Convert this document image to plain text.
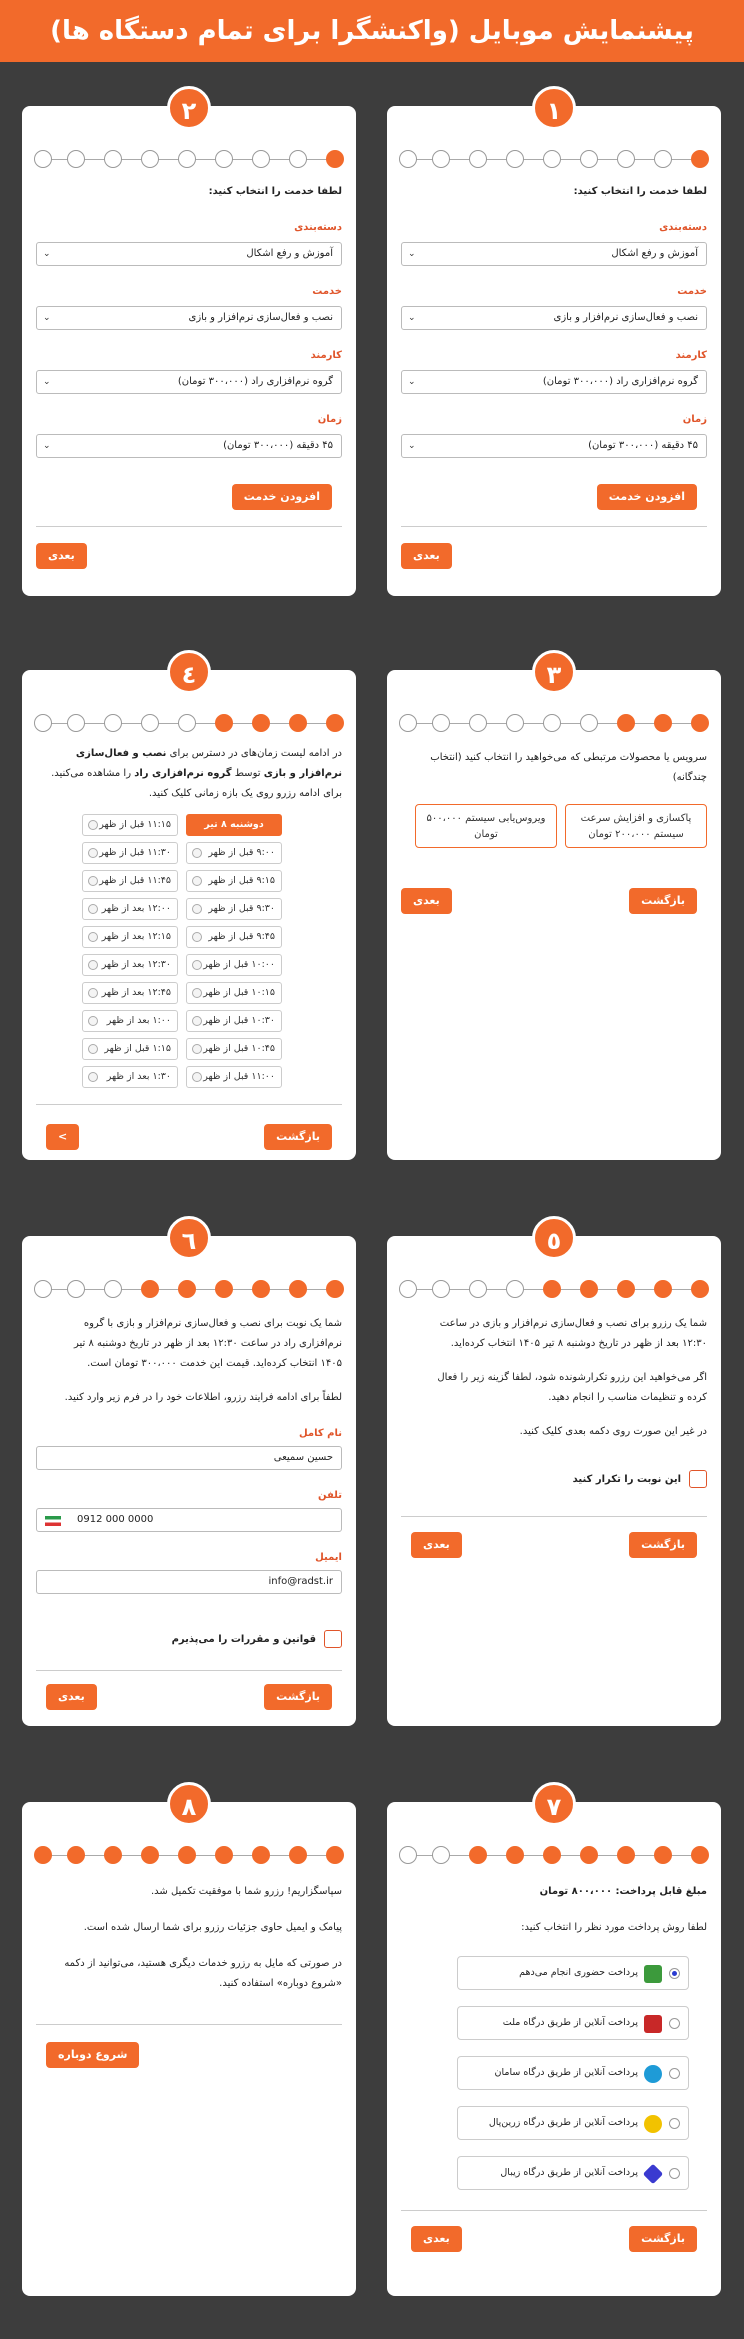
پیشنمایش موبایل (واکنشگرا برای تمام دستگاه ها)
١
لطفا خدمت را انتخاب کنید:
دسته‌بندی
آموزش و رفع اشکال
⌄
خدمت
نصب و فعال‌سازی نرم‌افزار و بازی
⌄
کارمند
گروه نرم‌افزاری راد (۳۰۰،۰۰۰ تومان)
⌄
زمان
۴۵ دقیقه (۳۰۰،۰۰۰ تومان)
⌄
افزودن خدمت
بعدی
٢
لطفا خدمت را انتخاب کنید:
دسته‌بندی
آموزش و رفع اشکال
⌄
خدمت
نصب و فعال‌سازی نرم‌افزار و بازی
⌄
کارمند
گروه نرم‌افزاری راد (۳۰۰،۰۰۰ تومان)
⌄
زمان
۴۵ دقیقه (۳۰۰،۰۰۰ تومان)
⌄
افزودن خدمت
بعدی
٣
سرویس یا محصولات مرتبطی که می‌خواهید را انتخاب کنید (انتخاب چندگانه)
پاکسازی و افزایش سرعت سیستم ۲۰۰،۰۰۰ تومان
ویروس‌یابی سیستم ۵۰۰،۰۰۰ تومان
بازگشت
بعدی
٤
در ادامه لیست زمان‌های در دسترس برای نصب و فعال‌سازی نرم‌افزار و بازی توسط گروه نرم‌افزاری راد را مشاهده می‌کنید. برای ادامه رزرو روی یک بازه زمانی کلیک کنید.
دوشنبه ۸ تیر
۹:۰۰ قبل از ظهر
۹:۱۵ قبل از ظهر
۹:۳۰ قبل از ظهر
۹:۴۵ قبل از ظهر
۱۰:۰۰ قبل از ظهر
۱۰:۱۵ قبل از ظهر
۱۰:۳۰ قبل از ظهر
۱۰:۴۵ قبل از ظهر
۱۱:۰۰ قبل از ظهر
۱۱:۱۵ قبل از ظهر
۱۱:۳۰ قبل از ظهر
۱۱:۴۵ قبل از ظهر
۱۲:۰۰ بعد از ظهر
۱۲:۱۵ بعد از ظهر
۱۲:۳۰ بعد از ظهر
۱۲:۴۵ بعد از ظهر
۱:۰۰ بعد از ظهر
۱:۱۵ قبل از ظهر
۱:۳۰ بعد از ظهر
بازگشت
>
٥
شما یک رزرو برای نصب و فعال‌سازی نرم‌افزار و بازی در ساعت
۱۲:۳۰ بعد از ظهر در تاریخ دوشنبه ۸ تیر ۱۴۰۵ انتخاب کرده‌اید.
اگر می‌خواهید این رزرو تکرارشونده شود، لطفا گزینه زیر را فعال
کرده و تنظیمات مناسب را انجام دهید.
در غیر این صورت روی دکمه بعدی کلیک کنید.
این نوبت را تکرار کنید
بازگشت
بعدی
٦
شما یک نوبت برای نصب و فعال‌سازی نرم‌افزار و بازی با گروه
نرم‌افزاری راد در ساعت ۱۲:۳۰ بعد از ظهر در تاریخ دوشنبه ۸ تیر
۱۴۰۵ انتخاب کرده‌اید. قیمت این خدمت ۳۰۰،۰۰۰ تومان است.
لطفاً برای ادامه فرایند رزرو، اطلاعات خود را در فرم زیر وارد کنید.
نام کامل
حسین سمیعی
تلفن
0912 000 0000
ایمیل
info@radst.ir
قوانین و مقررات را می‌پذیرم
بازگشت
بعدی
٧
مبلغ قابل پرداخت: ۸۰۰،۰۰۰ تومان
لطفا روش پرداخت مورد نظر را انتخاب کنید:
پرداخت حضوری انجام می‌دهم
پرداخت آنلاین از طریق درگاه ملت
پرداخت آنلاین از طریق درگاه سامان
پرداخت آنلاین از طریق درگاه زرین‌پال
پرداخت آنلاین از طریق درگاه زیبال
بازگشت
بعدی
٨
سپاسگزاریم! رزرو شما با موفقیت تکمیل شد.
پیامک و ایمیل حاوی جزئیات رزرو برای شما ارسال شده است.
در صورتی که مایل به رزرو خدمات دیگری هستید، می‌توانید از دکمه
«شروع دوباره» استفاده کنید.
شروع دوباره
